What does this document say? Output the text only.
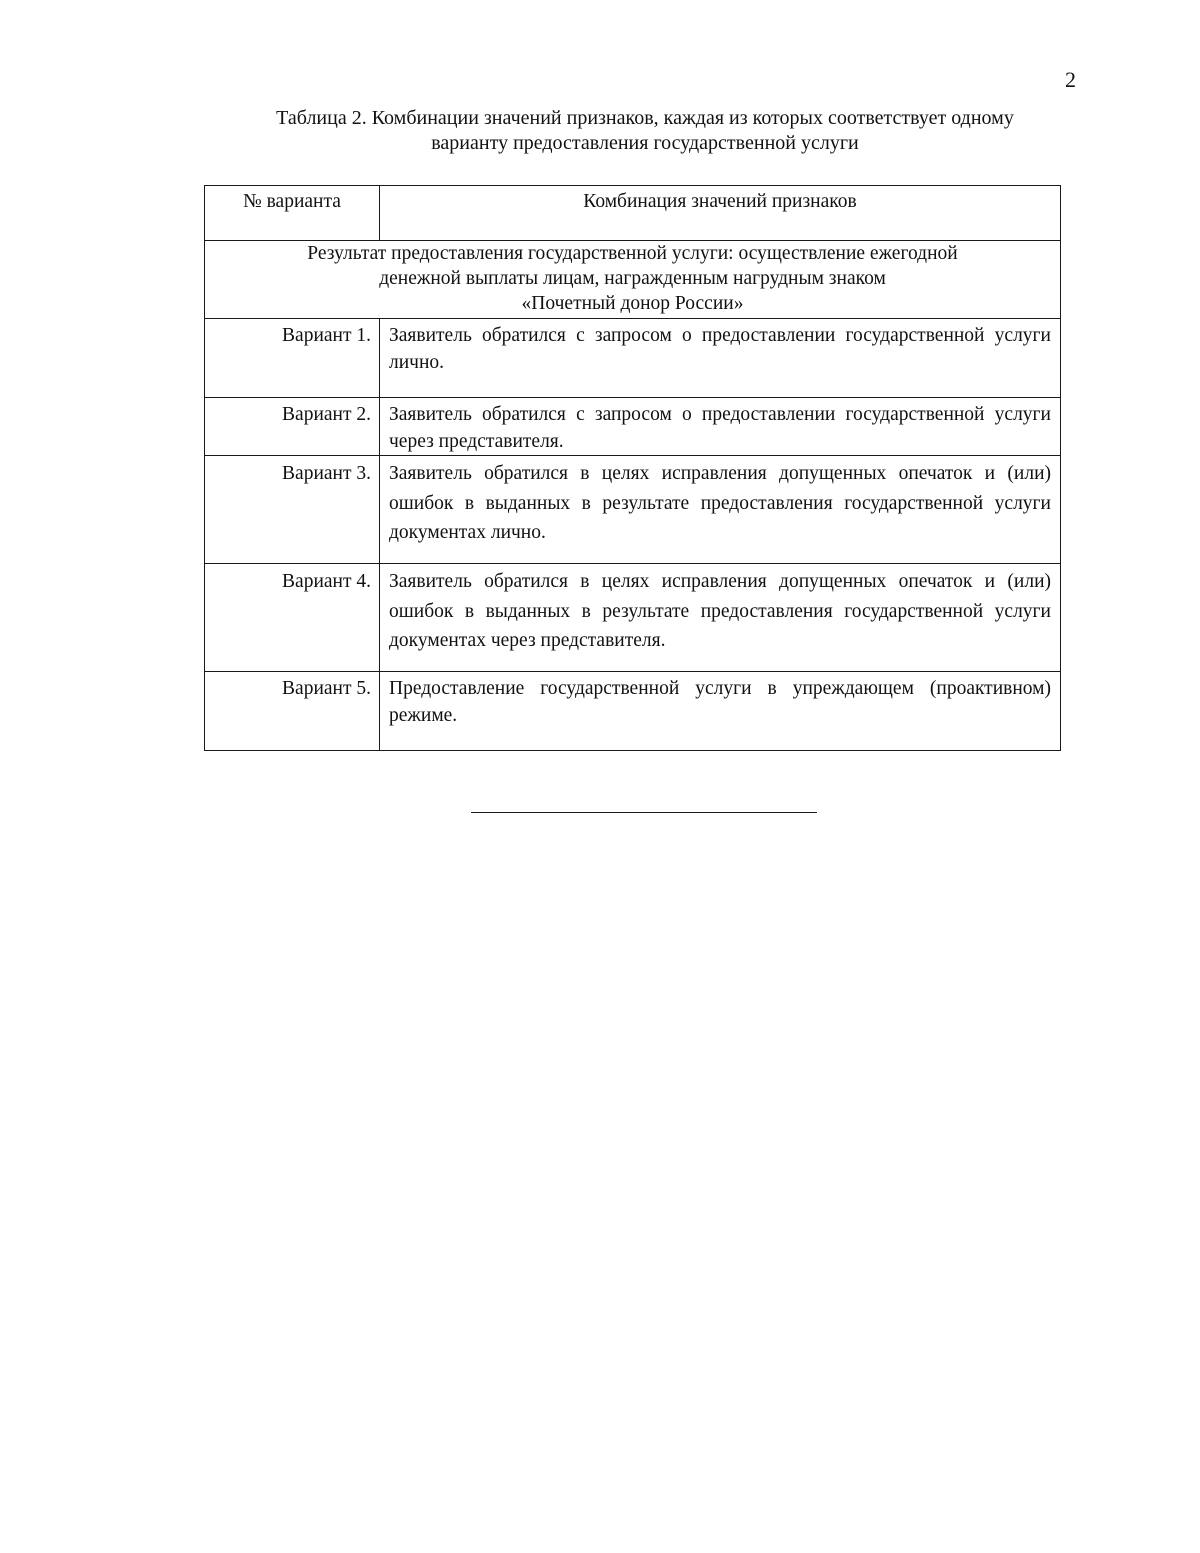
2
Таблица 2. Комбинации значений признаков, каждая из которых соответствует одному
варианту предоставления государственной услуги
№ варианта	Комбинация значений признаков

Результат предоставления государственной услуги: осуществление ежегодной
денежной выплаты лицам, награжденным нагрудным знаком
«Почетный донор России»	

Вариант 1.	Заявитель обратился с запросом о предоставлении государственной услуги лично.
Вариант 2.	Заявитель обратился с запросом о предоставлении государственной услуги через представителя.
Вариант 3.	Заявитель обратился в целях исправления допущенных опечаток и (или) ошибок в выданных в результате предоставления государственной услуги документах лично.
Вариант 4.	Заявитель обратился в целях исправления допущенных опечаток и (или) ошибок в выданных в результате предоставления государственной услуги документах через представителя.
Вариант 5.	Предоставление государственной услуги в упреждающем (проактивном) режиме.
